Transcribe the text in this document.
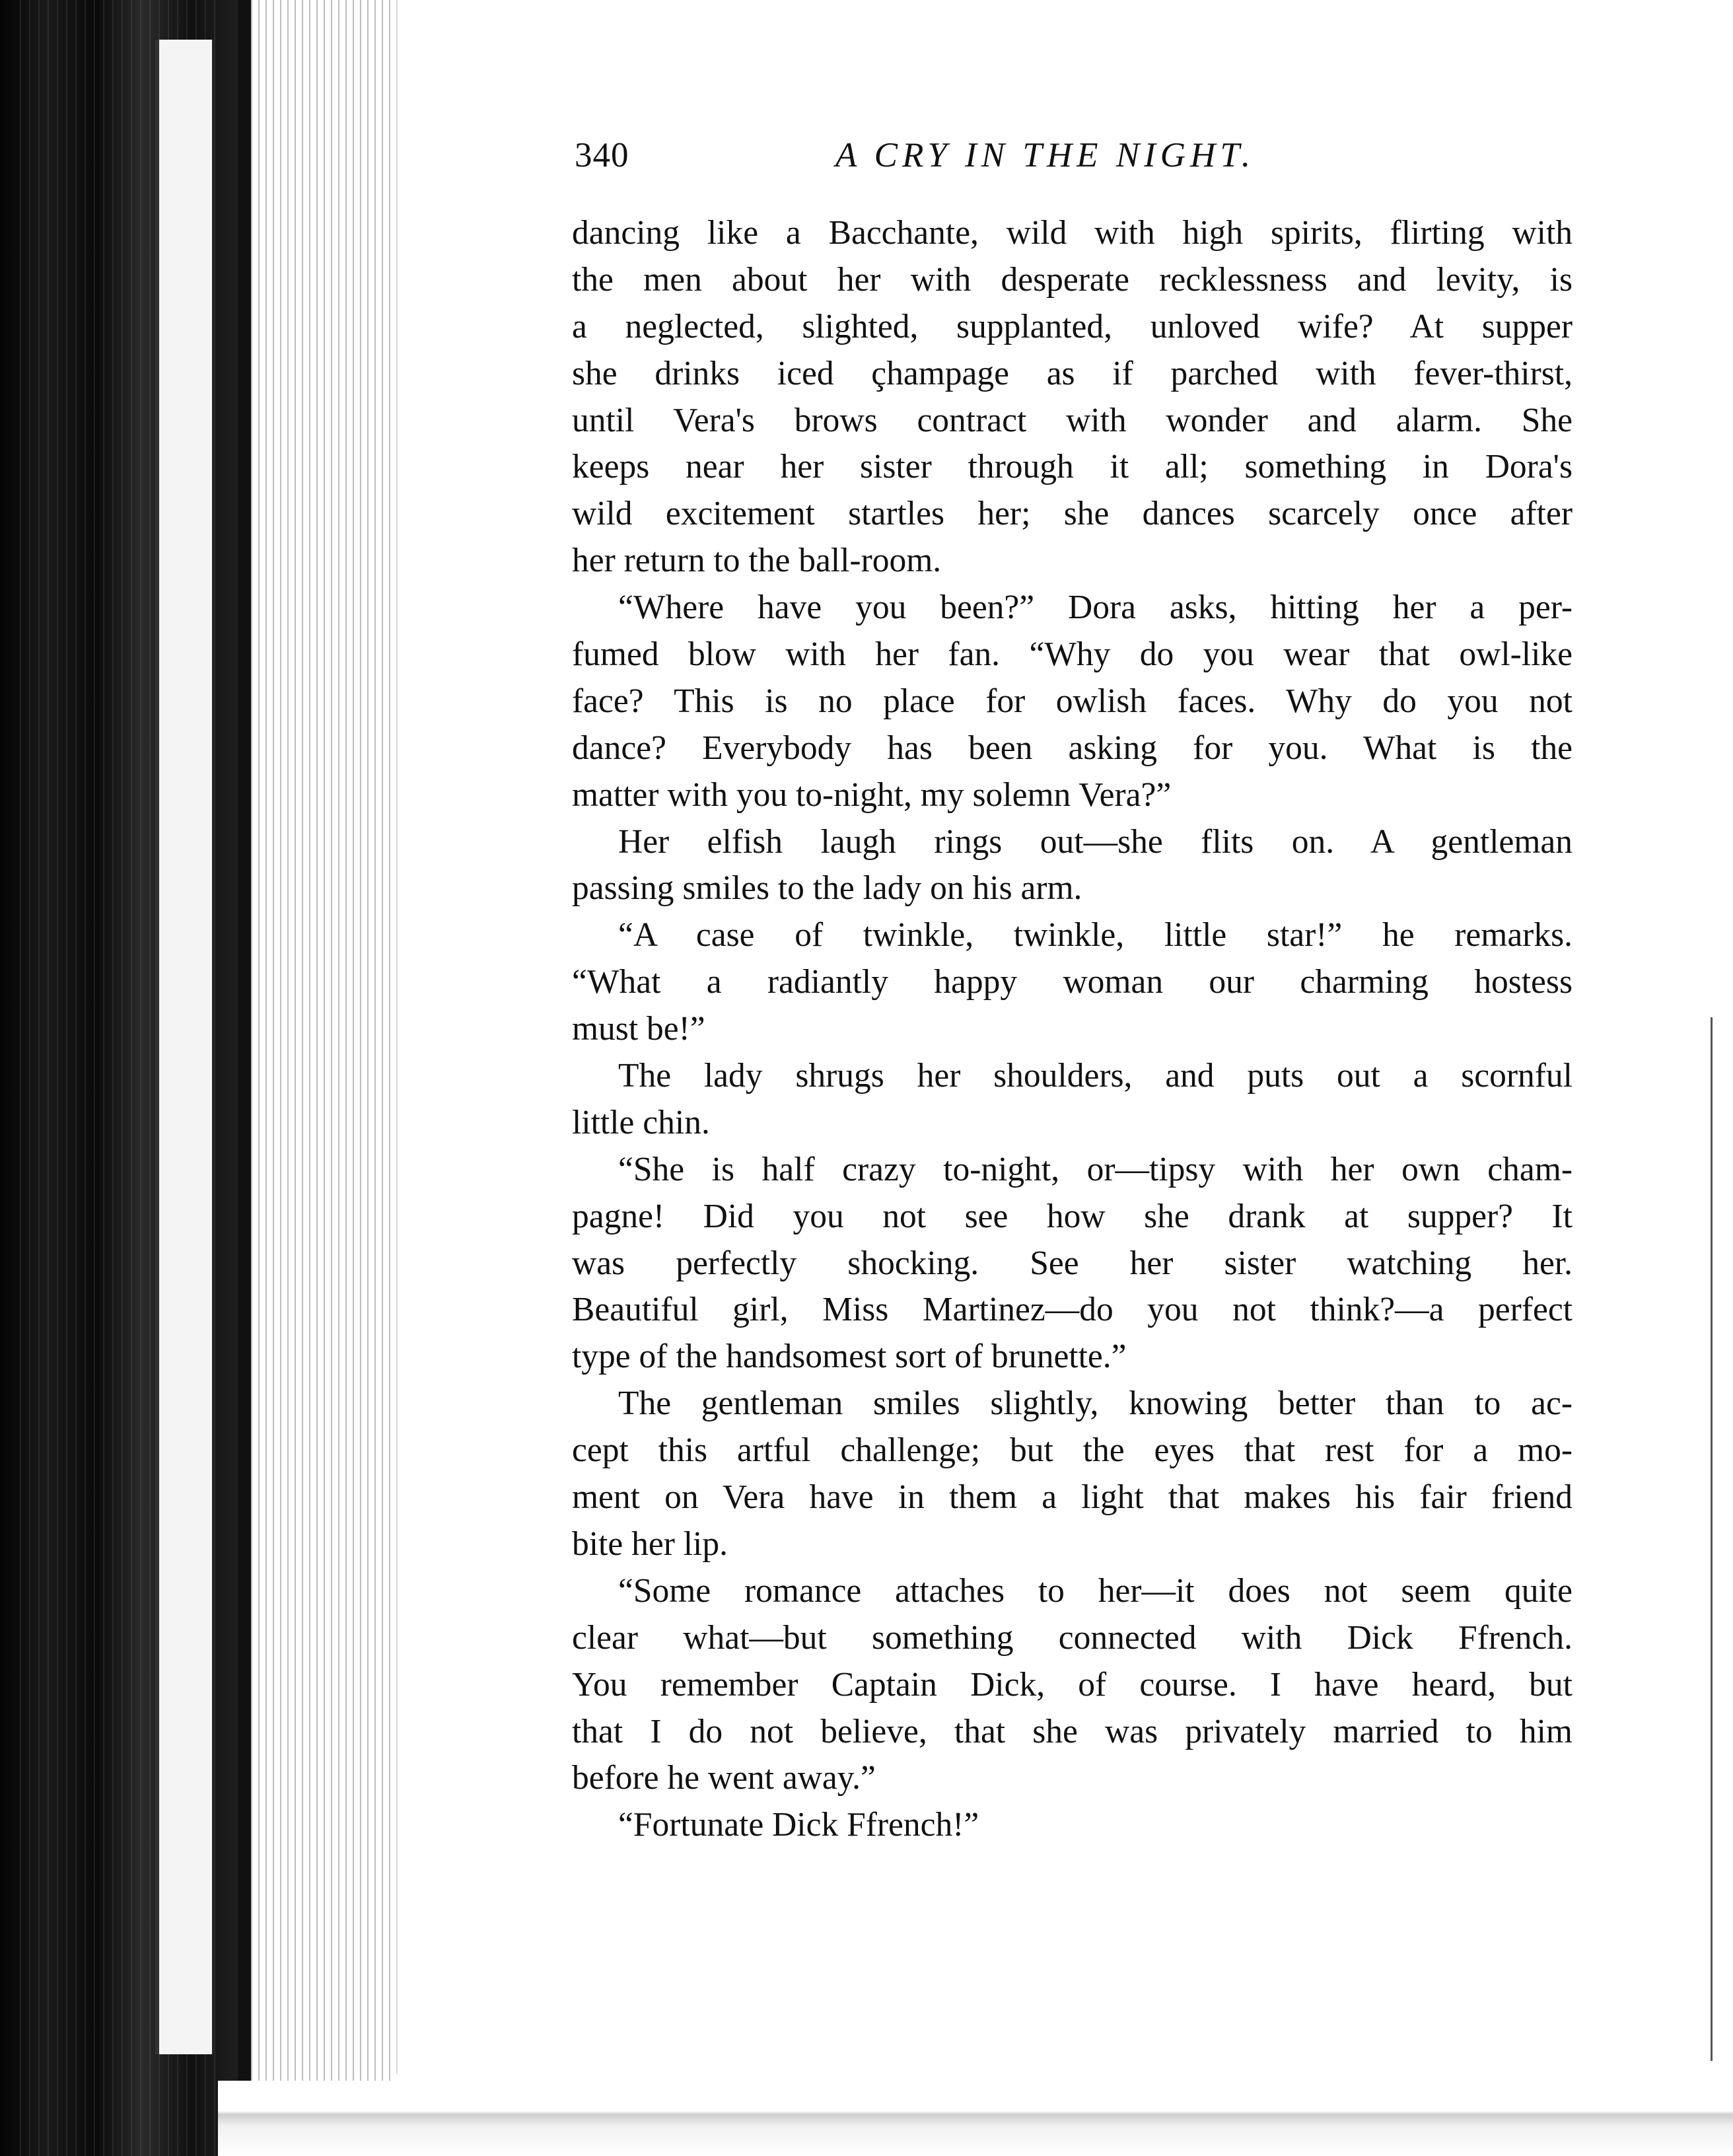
340	A CRY IN THE NIGHT.
dancing like a Bacchante, wild with high spirits, flirting with
the men about her with desperate recklessness and levity, is
a neglected, slighted, supplanted, unloved wife? At supper
she drinks iced çhampage as if parched with fever-thirst,
until Vera's brows contract with wonder and alarm. She
keeps near her sister through it all; something in Dora's
wild excitement startles her; she dances scarcely once after
her return to the ball-room.
“Where have you been?” Dora asks, hitting her a per-
fumed blow with her fan. “Why do you wear that owl-like
face? This is no place for owlish faces. Why do you not
dance? Everybody has been asking for you. What is the
matter with you to-night, my solemn Vera?”
Her elfish laugh rings out—she flits on. A gentleman
passing smiles to the lady on his arm.
“A case of twinkle, twinkle, little star!” he remarks.
“What a radiantly happy woman our charming hostess
must be!”
The lady shrugs her shoulders, and puts out a scornful
little chin.
“She is half crazy to-night, or—tipsy with her own cham-
pagne! Did you not see how she drank at supper? It
was perfectly shocking. See her sister watching her.
Beautiful girl, Miss Martinez—do you not think?—a perfect
type of the handsomest sort of brunette.”
The gentleman smiles slightly, knowing better than to ac-
cept this artful challenge; but the eyes that rest for a mo-
ment on Vera have in them a light that makes his fair friend
bite her lip.
“Some romance attaches to her—it does not seem quite
clear what—but something connected with Dick Ffrench.
You remember Captain Dick, of course. I have heard, but
that I do not believe, that she was privately married to him
before he went away.”
“Fortunate Dick Ffrench!”
